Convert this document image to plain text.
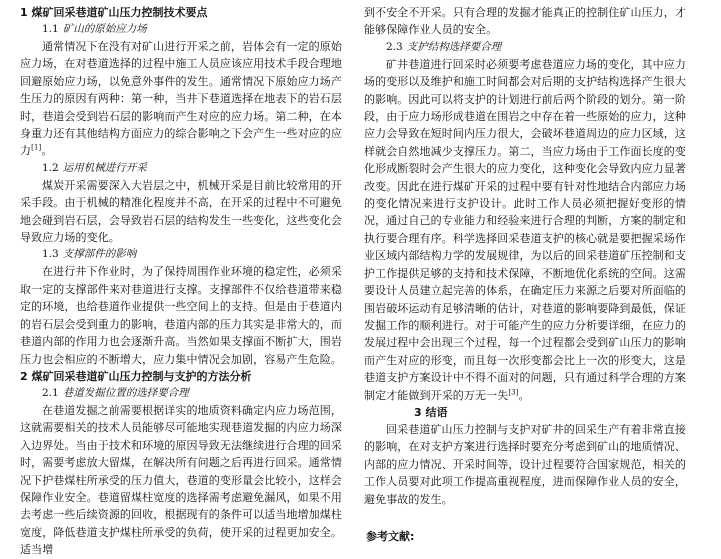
1 煤矿回采巷道矿山压力控制技术要点

1.1 矿山的原始应力场

通常情况下在没有对矿山进行开采之前，岩体会有一定的原始应力场，在对巷道选择的过程中施工人员应该应用技术手段合理地回避原始应力场，以免意外事件的发生。通常情况下原始应力场产生压力的原因有两种：第一种，当井下巷道选择在地表下的岩石层时，巷道会受到岩石层的影响而产生对应的应力场。第二种，在本身重力还有其他结构方面应力的综合影响之下会产生一些对应的应力[1]。

1.2 运用机械进行开采

煤炭开采需要深入大岩层之中，机械开采是目前比较常用的开采手段。由于机械的精准化程度并不高，在开采的过程中不可避免地会碰到岩石层，会导致岩石层的结构发生一些变化，这些变化会导致应力场的变化。

1.3 支撑部件的影响

在进行井下作业时，为了保持周围作业环境的稳定性，必须采取一定的支撑部件来对巷道进行支撑。支撑部件不仅给巷道带来稳定的环境，也给巷道作业提供一些空间上的支持。但是由于巷道内的岩石层会受到重力的影响，巷道内部的压力其实是非常大的，而巷道内部的作用力也会逐渐升高。当然如果支撑面不断扩大，围岩压力也会相应的不断增大，应力集中情况会加剧，容易产生危险。

2 煤矿回采巷道矿山压力控制与支护的方法分析

2.1 巷道发掘位置的选择要合理

在巷道发掘之前需要根据详实的地质资料确定内应力场范围，这就需要相关的技术人员能够尽可能地实现巷道发掘的内应力场深入边界处。当由于技术和环境的原因导致无法继续进行合理的回采时，需要考虑放大留煤，在解决所有问题之后再进行回采。通常情况下护巷煤柱所承受的压力值大，巷道的变形量会比较小，这样会保障作业安全。巷道留煤柱宽度的选择需考虑避免漏风，如果不用去考虑一些后续资源的回收，根据现有的条件可以适当地增加煤柱宽度，降低巷道支护煤柱所承受的负荷，使开采的过程更加安全。适当增

到不安全不开采。只有合理的发掘才能真正的控制住矿山压力，才能够保障作业人员的安全。

2.3 支护结构选择要合理

矿井巷道进行回采时必须要考虑巷道应力场的变化，其中应力场的变形以及维护和施工时间都会对后期的支护结构选择产生很大的影响。因此可以将支护的计划进行前后两个阶段的划分。第一阶段，由于应力场形成巷道在围岩之中存在着一些原始的应力，这种应力会导致在短时间内压力很大，会破坏巷道周边的应力区域，这样就会自然地减少支撑压力。第二，当应力场由于工作面长度的变化形成断裂时会产生很大的应力变化，这种变化会导致内应力显著改变。因此在进行煤矿开采的过程中要有针对性地结合内部应力场的变化情况来进行支护设计。此时工作人员必须把握好变形的情况，通过自己的专业能力和经验来进行合理的判断，方案的制定和执行要合理有序。科学选择回采巷道支护的核心就是要把握采场作业区域内部结构力学的发展规律，为以后的回采巷道矿压控制和支护工作提供足够的支持和技术保障，不断地优化系统的空间。这需要设计人员建立起完善的体系，在确定压力来源之后要对所面临的围岩破坏运动有足够清晰的估计，对巷道的影响要降到最低，保证发掘工作的顺利进行。对于可能产生的应力分析要详细，在应力的发展过程中会出现三个过程，每一个过程都会受到矿山压力的影响而产生对应的形变，而且每一次形变都会比上一次的形变大，这是巷道支护方案设计中不得不面对的问题，只有通过科学合理的方案制定才能做到开采的万无一失[3]。

3 结语

回采巷道矿山压力控制与支护对矿井的回采生产有着非常直接的影响，在对支护方案进行选择时要充分考虑到矿山的地质情况、内部的应力情况、开采时间等，设计过程要符合国家规范，相关的工作人员要对此项工作提高重视程度，进而保障作业人员的安全，避免事故的发生。

参考文献:
